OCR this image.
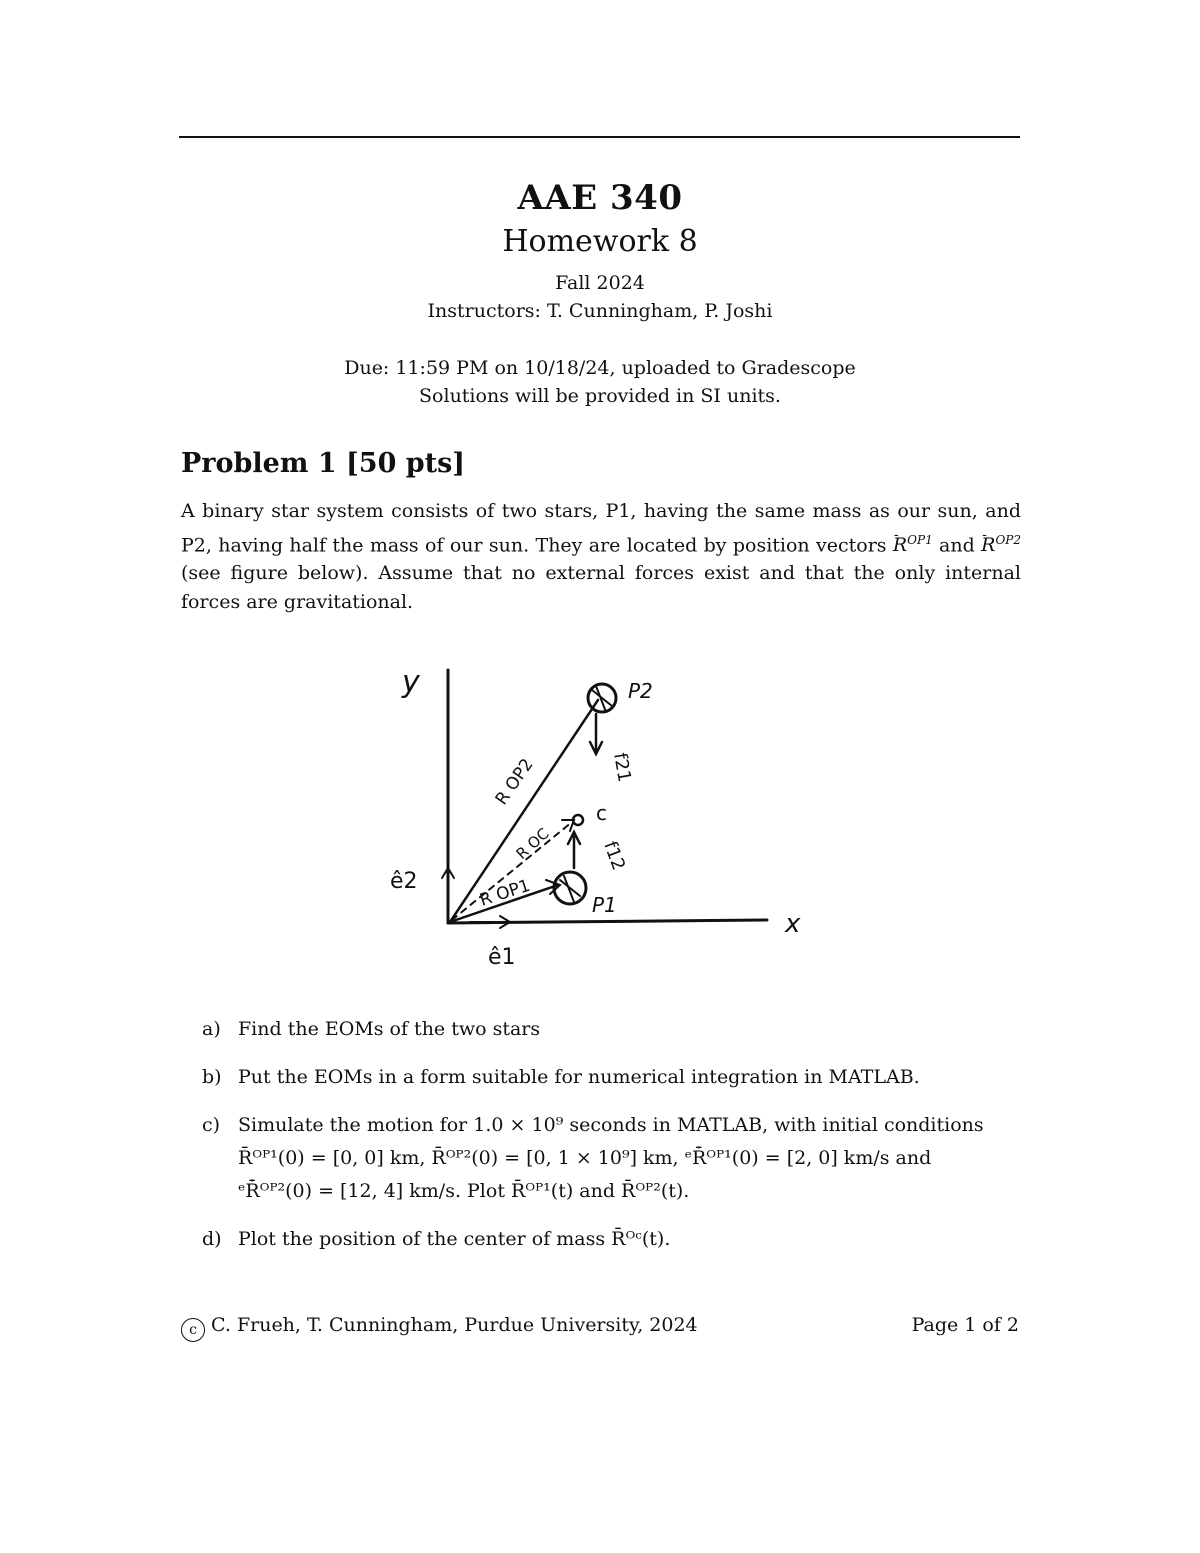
AAE 340
Homework 8
Fall 2024
Instructors: T. Cunningham, P. Joshi
Due: 11:59 PM on 10/18/24, uploaded to Gradescope
Solutions will be provided in SI units.
Problem 1 [50 pts]
A binary star system consists of two stars, P1, having the same mass as our sun, and P2, having half the mass of our sun. They are located by position vectors - $R^{OP1}$ and - $R^{OP2}$ (see figure below). Assume that no external forces exist and that the only internal forces are gravitational.
y
x
ê2
ê1
P2
P1
c
f21
f12
R OP2
R OC
R OP1
a) Find the EOMs of the two stars
b) Put the EOMs in a form suitable for numerical integration in MATLAB.
c) Simulate the motion for 1.0 × 10⁹ seconds in MATLAB, with initial conditions
R̄ᴼᴾ¹(0) = [0, 0] km, R̄ᴼᴾ²(0) = [0, 1 × 10⁹] km, ᵉR̄̇ᴼᴾ¹(0) = [2, 0] km/s and
ᵉR̄̇ᴼᴾ²(0) = [12, 4] km/s. Plot R̄ᴼᴾ¹(t) and R̄ᴼᴾ²(t).
d) Plot the position of the center of mass R̄ᴼᶜ(t).
c C. Frueh, T. Cunningham, Purdue University, 2024	Page 1 of 2
